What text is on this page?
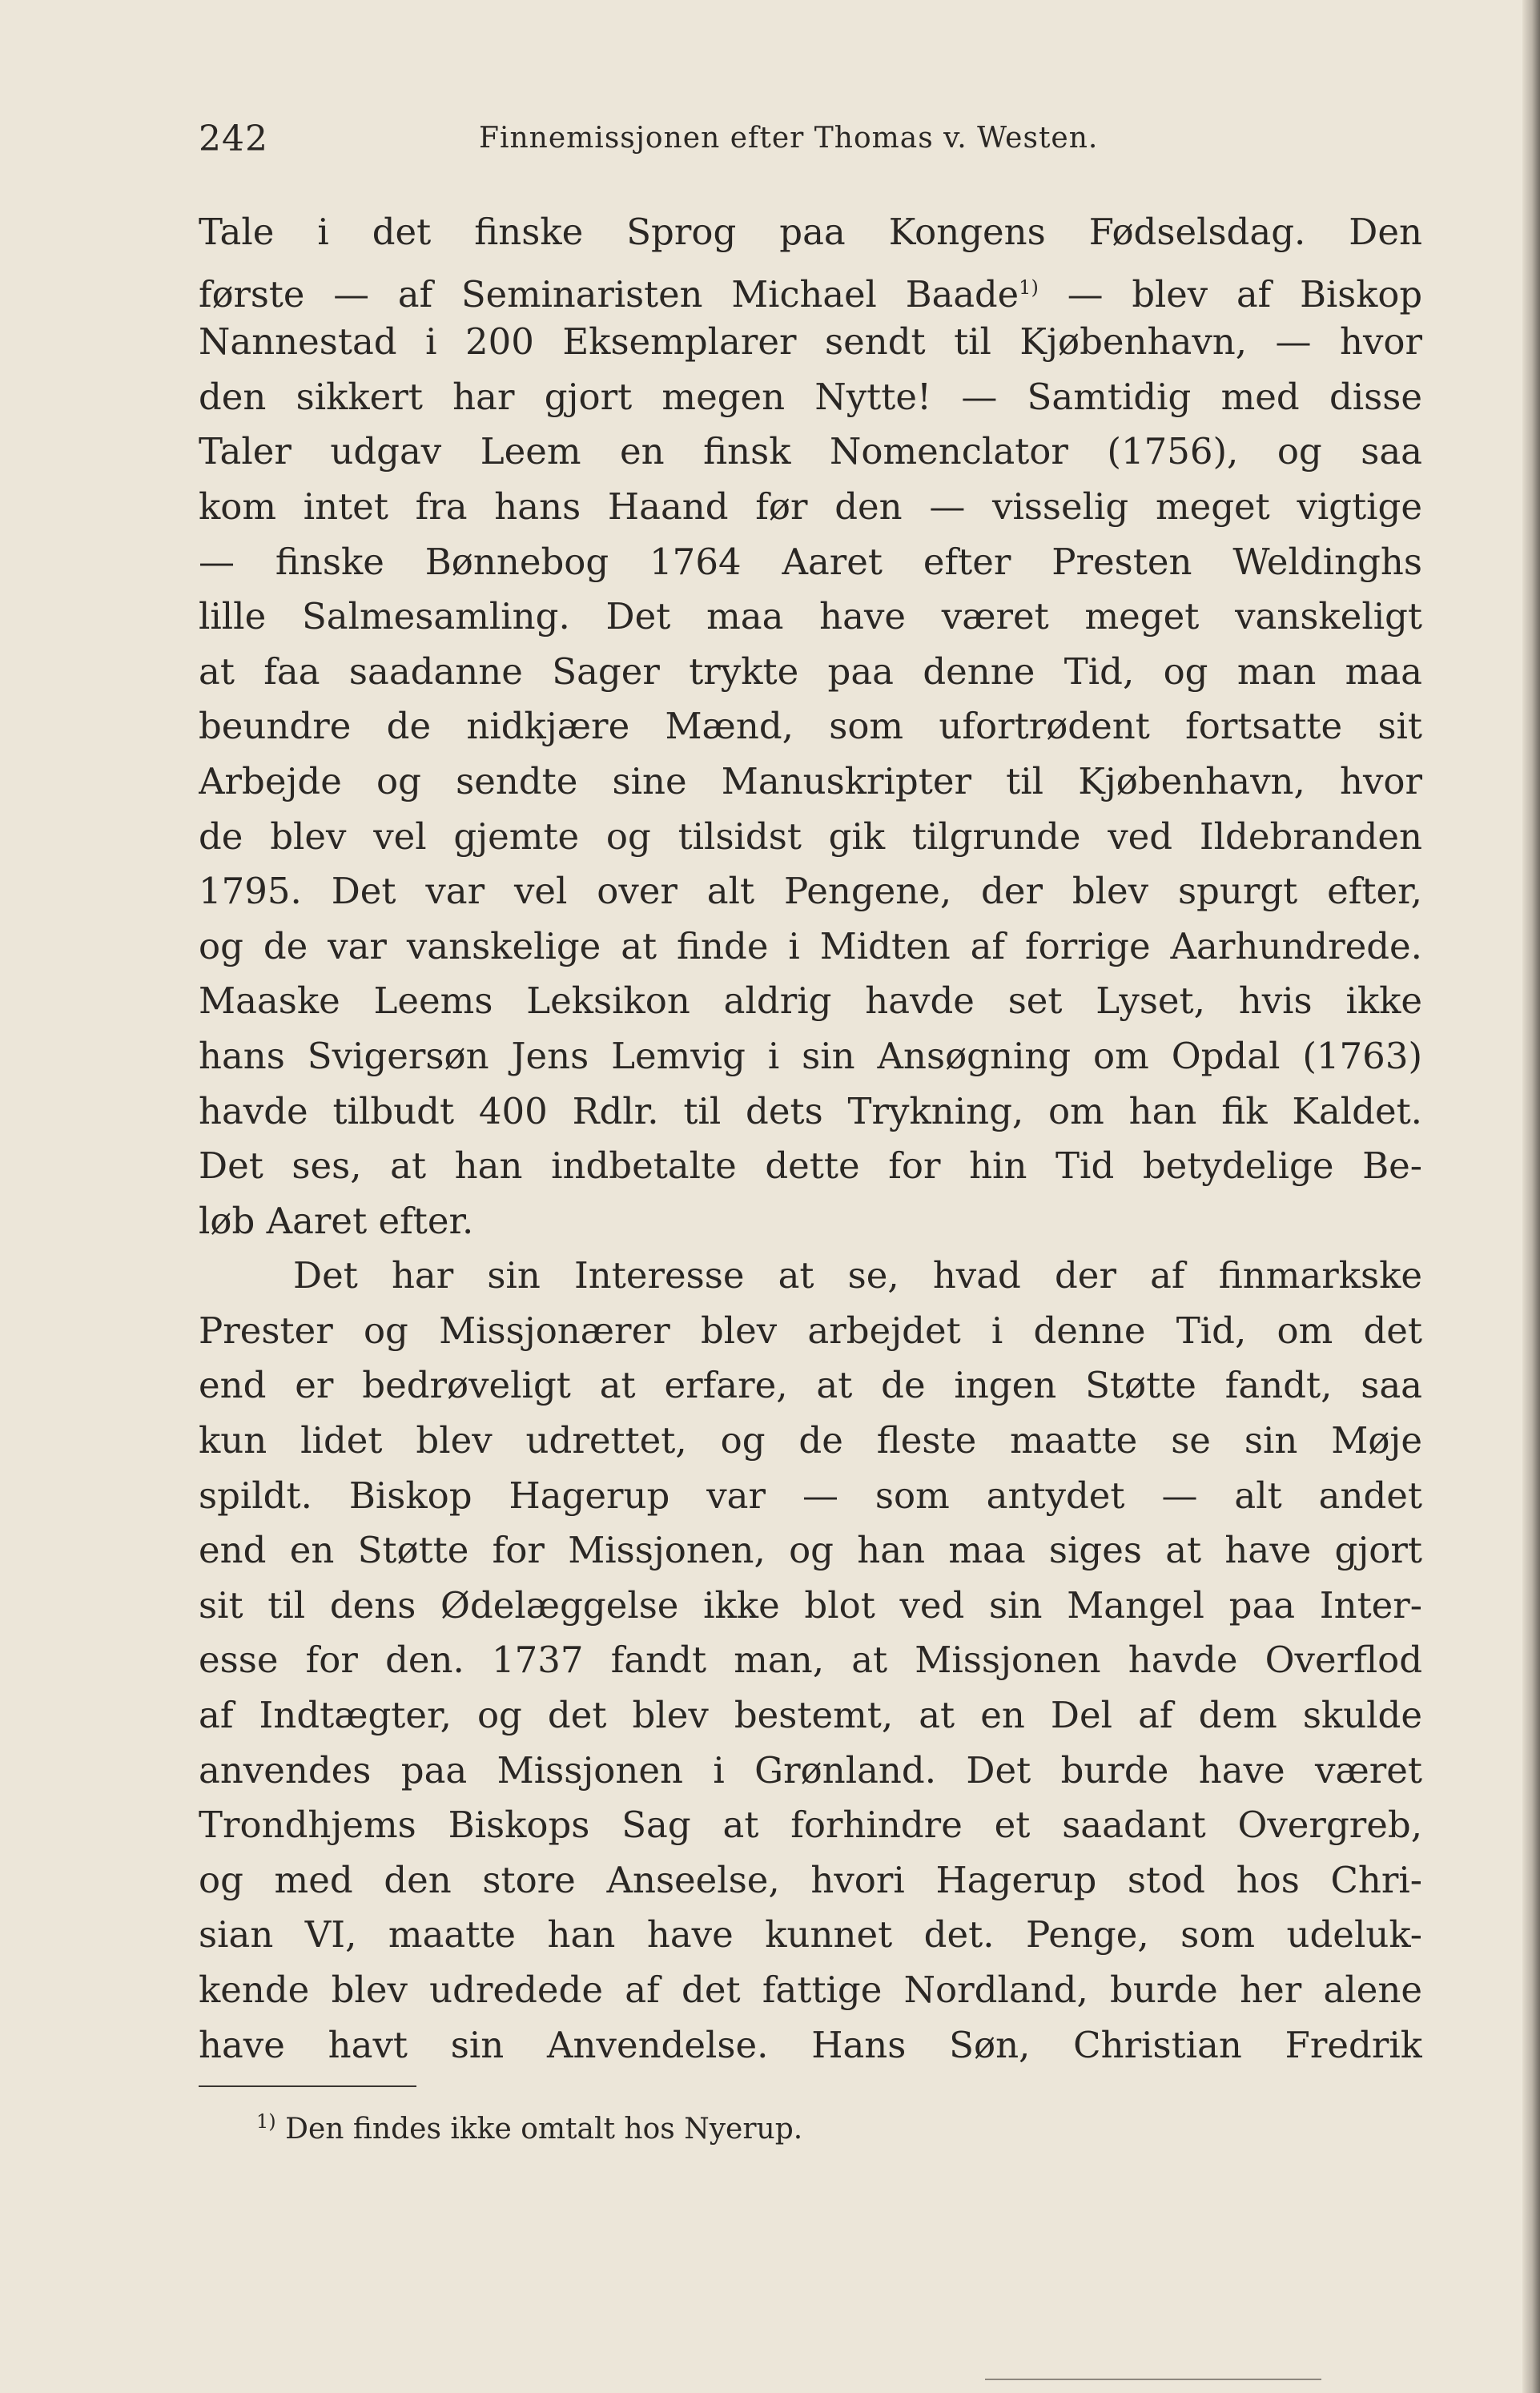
242	Finnemissjonen efter Thomas v. Westen.
Tale i det finske Sprog paa Kongens Fødselsdag. Den
første — af Seminaristen Michael Baade$^{1)}$ — blev af Biskop
Nannestad i 200 Eksemplarer sendt til Kjøbenhavn, — hvor
den sikkert har gjort megen Nytte! — Samtidig med disse
Taler udgav Leem en finsk Nomenclator (1756), og saa
kom intet fra hans Haand før den — visselig meget vigtige
— finske Bønnebog 1764 Aaret efter Presten Weldinghs
lille Salmesamling. Det maa have været meget vanskeligt
at faa saadanne Sager trykte paa denne Tid, og man maa
beundre de nidkjære Mænd, som ufortrødent fortsatte sit
Arbejde og sendte sine Manuskripter til Kjøbenhavn, hvor
de blev vel gjemte og tilsidst gik tilgrunde ved Ildebranden
1795. Det var vel over alt Pengene, der blev spurgt efter,
og de var vanskelige at finde i Midten af forrige Aarhundrede.
Maaske Leems Leksikon aldrig havde set Lyset, hvis ikke
hans Svigersøn Jens Lemvig i sin Ansøgning om Opdal (1763)
havde tilbudt 400 Rdlr. til dets Trykning, om han fik Kaldet.
Det ses, at han indbetalte dette for hin Tid betydelige Be-
løb Aaret efter.
Det har sin Interesse at se, hvad der af finmarkske
Prester og Missjonærer blev arbejdet i denne Tid, om det
end er bedrøveligt at erfare, at de ingen Støtte fandt, saa
kun lidet blev udrettet, og de fleste maatte se sin Møje
spildt. Biskop Hagerup var — som antydet — alt andet
end en Støtte for Missjonen, og han maa siges at have gjort
sit til dens Ødelæggelse ikke blot ved sin Mangel paa Inter-
esse for den. 1737 fandt man, at Missjonen havde Overflod
af Indtægter, og det blev bestemt, at en Del af dem skulde
anvendes paa Missjonen i Grønland. Det burde have været
Trondhjems Biskops Sag at forhindre et saadant Overgreb,
og med den store Anseelse, hvori Hagerup stod hos Chri-
sian VI, maatte han have kunnet det. Penge, som udeluk-
kende blev udredede af det fattige Nordland, burde her alene
have havt sin Anvendelse. Hans Søn, Christian Fredrik
$^{1)}$ Den findes ikke omtalt hos Nyerup.
